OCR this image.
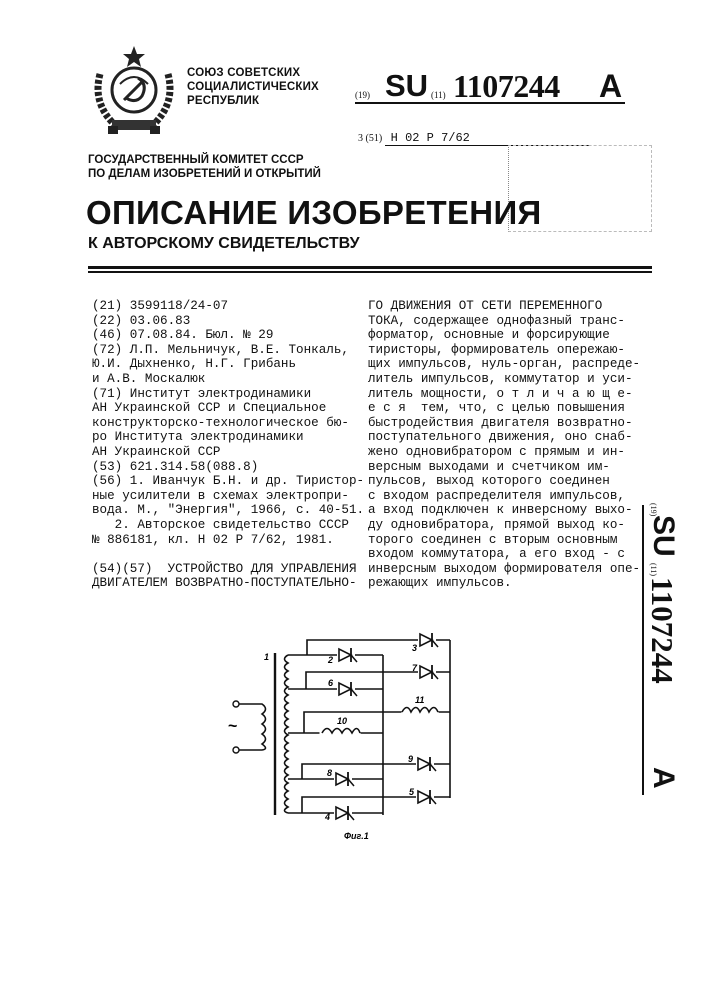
СОЮЗ СОВЕТСКИХ
СОЦИАЛИСТИЧЕСКИХ
РЕСПУБЛИК	(19) SU (11) 1107244 A
3 (51) Н 02 Р 7/62
ГОСУДАРСТВЕННЫЙ КОМИТЕТ СССР
ПО ДЕЛАМ ИЗОБРЕТЕНИЙ И ОТКРЫТИЙ
ОПИСАНИЕ ИЗОБРЕТЕНИЯ
К АВТОРСКОМУ СВИДЕТЕЛЬСТВУ
(21) 3599118/24-07
(22) 03.06.83
(46) 07.08.84. Бюл. № 29
(72) Л.П. Мельничук, В.Е. Тонкаль,
Ю.И. Дыхненко, Н.Г. Грибань
и А.В. Москалюк
(71) Институт электродинамики
АН Украинской ССР и Специальное
конструкторско-технологическое бю-
ро Института электродинамики
АН Украинской ССР
(53) 621.314.58(088.8)
(56) 1. Иванчук Б.Н. и др. Тиристор-
ные усилители в схемах электропри-
вода. М., "Энергия", 1966, с. 40-51.
2. Авторское свидетельство СССР
№ 886181, кл. Н 02 Р 7/62, 1981.
(54)(57)  УСТРОЙСТВО ДЛЯ УПРАВЛЕНИЯ
ДВИГАТЕЛЕМ ВОЗВРАТНО-ПОСТУПАТЕЛЬНО-
ГО ДВИЖЕНИЯ ОТ СЕТИ ПЕРЕМЕННОГО
ТОКА, содержащее однофазный транс-
форматор, основные и форсирующие
тиристоры, формирователь опережаю-
щих импульсов, нуль-орган, распреде-
литель импульсов, коммутатор и уси-
литель мощности, о т л и ч а ю щ е-
е с я  тем, что, с целью повышения
быстродействия двигателя возвратно-
поступательного движения, оно снаб-
жено одновибратором с прямым и ин-
версным выходами и счетчиком им-
пульсов, выход которого соединен
с входом распределителя импульсов,
а вход подключен к инверсному выхо-
ду одновибратора, прямой выход ко-
торого соединен с вторым основным
входом коммутатора, а его вход - с
инверсным выходом формирователя опе-
режающих импульсов.
(19)
SU
(11)
1107244
A
~
1	2
3
4
5
6
7
8
9
10
11
Фиг.1
